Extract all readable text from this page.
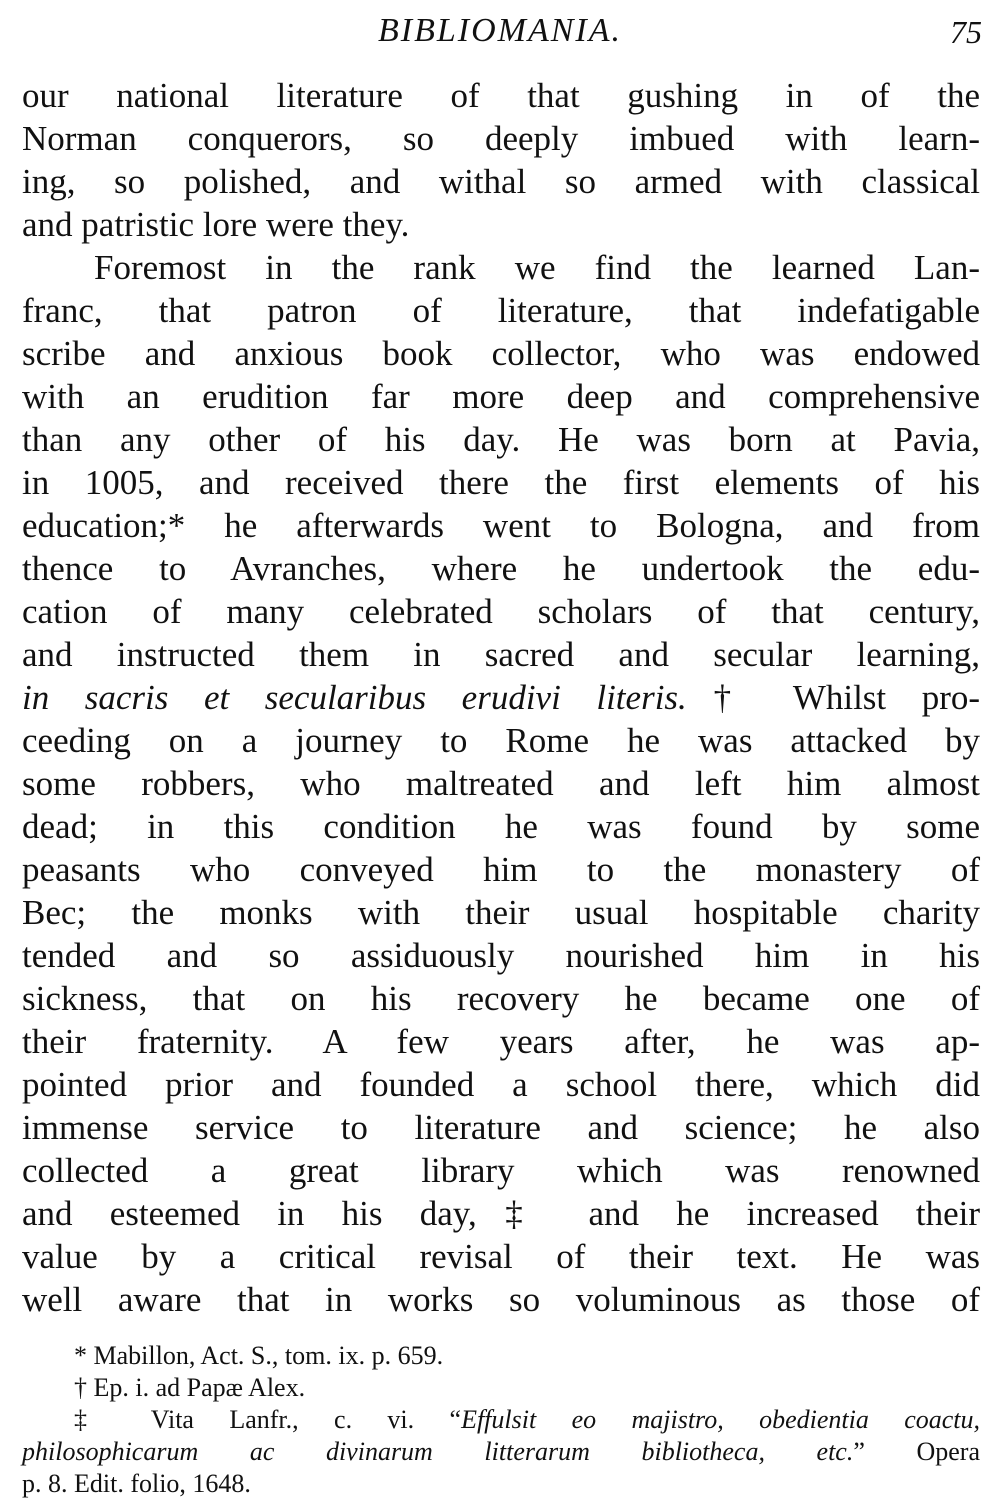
BIBLIOMANIA.	75
our national literature of that gushing in of the
Norman conquerors, so deeply imbued with learn-
ing, so polished, and withal so armed with classical
and patristic lore were they.
Foremost in the rank we find the learned Lan-
franc, that patron of literature, that indefatigable
scribe and anxious book collector, who was endowed
with an erudition far more deep and comprehensive
than any other of his day. He was born at Pavia,
in 1005, and received there the first elements of his
education;* he afterwards went to Bologna, and from
thence to Avranches, where he undertook the edu-
cation of many celebrated scholars of that century,
and instructed them in sacred and secular learning,
in sacris et secularibus erudivi literis.† Whilst pro-
ceeding on a journey to Rome he was attacked by
some robbers, who maltreated and left him almost
dead; in this condition he was found by some
peasants who conveyed him to the monastery of
Bec; the monks with their usual hospitable charity
tended and so assiduously nourished him in his
sickness, that on his recovery he became one of
their fraternity. A few years after, he was ap-
pointed prior and founded a school there, which did
immense service to literature and science; he also
collected a great library which was renowned
and esteemed in his day,‡ and he increased their
value by a critical revisal of their text. He was
well aware that in works so voluminous as those of
* Mabillon, Act. S., tom. ix. p. 659.
† Ep. i. ad Papæ Alex.
‡ Vita Lanfr., c. vi. “Effulsit eo majistro, obedientia coactu,
philosophicarum ac divinarum litterarum bibliotheca, etc.” Opera
p. 8. Edit. folio, 1648.
